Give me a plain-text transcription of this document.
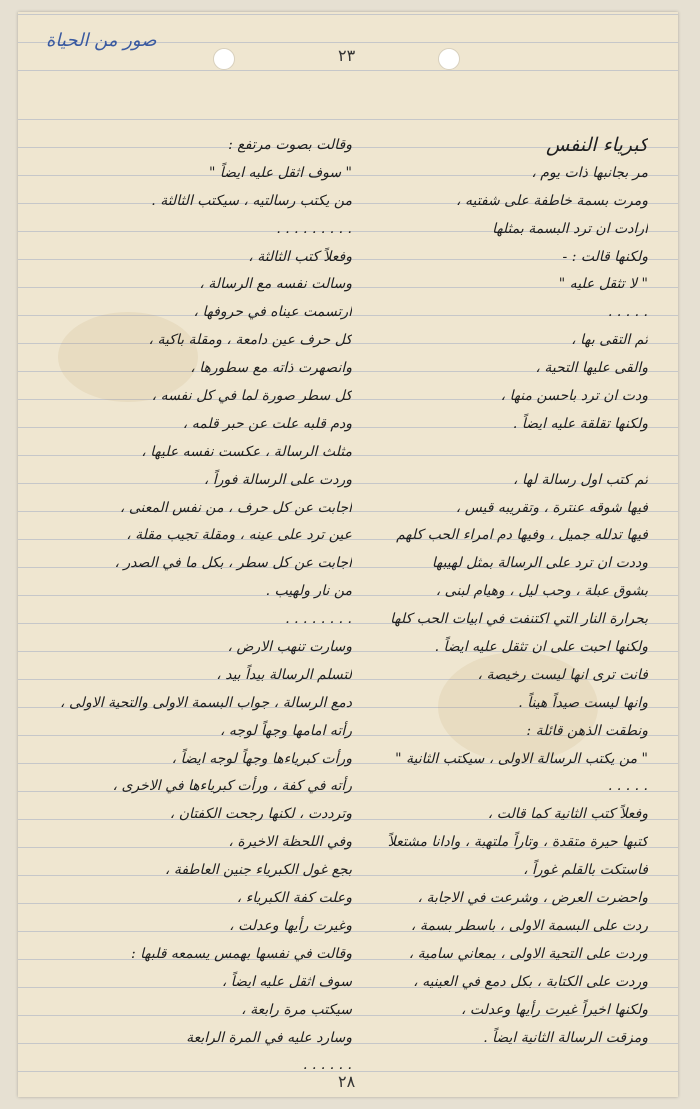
صور من الحياة
٢٣
كبرياء النفس
مر بجانبها ذات يوم ،
ومرت بسمة خاطفة على شفتيه ،
ارادت ان ترد البسمة بمثلها
ولكنها قالت : -
" لا تثقل عليه "
. . . . .
ثم التقى بها ،
والقى عليها التحية ،
ودت ان ترد باحسن منها ،
ولكنها تقلقة عليه ايضاً .
ثم كتب اول رسالة لها ،
فيها شوقه عنترة ، وتقريبه قيس ،
فيها تدلله جميل ، وفيها دم امراء الحب كلهم
وددت ان ترد على الرسالة بمثل لهيبها
بشوق عبلة ، وحب ليل ، وهيام لبنى ،
بحرارة النار التي اكتنفت في ابيات الحب كلها
ولكنها احبت على ان تثقل عليه ايضاً .
فانت ترى انها ليست رخيصة ،
وانها ليست صيداً هيناً .
ونطقت الذهن قائلة :
" من يكتب الرسالة الاولى ، سيكتب الثانية "
. . . . .
وفعلاً كتب الثانية كما قالت ،
كتبها حيرة متقدة ، وتاراً ملتهبة ، وادانا مشتعلاً
فاستكت بالقلم غوراً ،
واحضرت العرض ، وشرعت في الاجابة ،
ردت على البسمة الاولى ، باسطر بسمة ،
وردت على التحية الاولى ، بمعاني سامية ،
وردت على الكتابة ، بكل دمع في العينيه ،
ولكنها اخيراً غيرت رأيها وعدلت ،
ومزقت الرسالة الثانية ايضاً .
وقالت بصوت مرتفع :
" سوف اثقل عليه ايضاً "
من يكتب رسالتيه ، سيكتب الثالثة .
. . . . . . . . .
وفعلاً كتب الثالثة ،
وسالت نفسه مع الرسالة ،
ارتسمت عيناه في حروفها ،
كل حرف عين دامعة ، ومقلة باكية ،
وانصهرت ذاته مع سطورها ،
كل سطر صورة لما في كل نفسه ،
ودم قلبه علت عن حبر قلمه ،
مثلث الرسالة ، عكست نفسه عليها ،
وردت على الرسالة فوراً ،
اجابت عن كل حرف ، من نفس المعنى ،
عين ترد على عينه ، ومقلة تجيب مقلة ،
اجابت عن كل سطر ، بكل ما في الصدر ،
من نار ولهيب .
. . . . . . . .
وسارت تنهب الارض ،
لتسلم الرسالة بيداً بيد ،
دمع الرسالة ، جواب البسمة الاولى والتحية الاولى ،
رأته امامها وجهاً لوجه ،
ورأت كبرياءها وجهاً لوجه ايضاً ،
رأته في كفة ، ورأت كبرياءها في الاخرى ،
وترددت ، لكنها رجحت الكفتان ،
وفي اللحظة الاخيرة ،
بجع غول الكبرياء جنين العاطفة ،
وعلت كفة الكبرياء ،
وغيرت رأيها وعدلت ،
وقالت في نفسها بهمس يسمعه قلبها :
سوف اثقل عليه ايضاً ،
سيكتب مرة رابعة ،
وسارد عليه في المرة الرابعة
. . . . . .
٢٨
